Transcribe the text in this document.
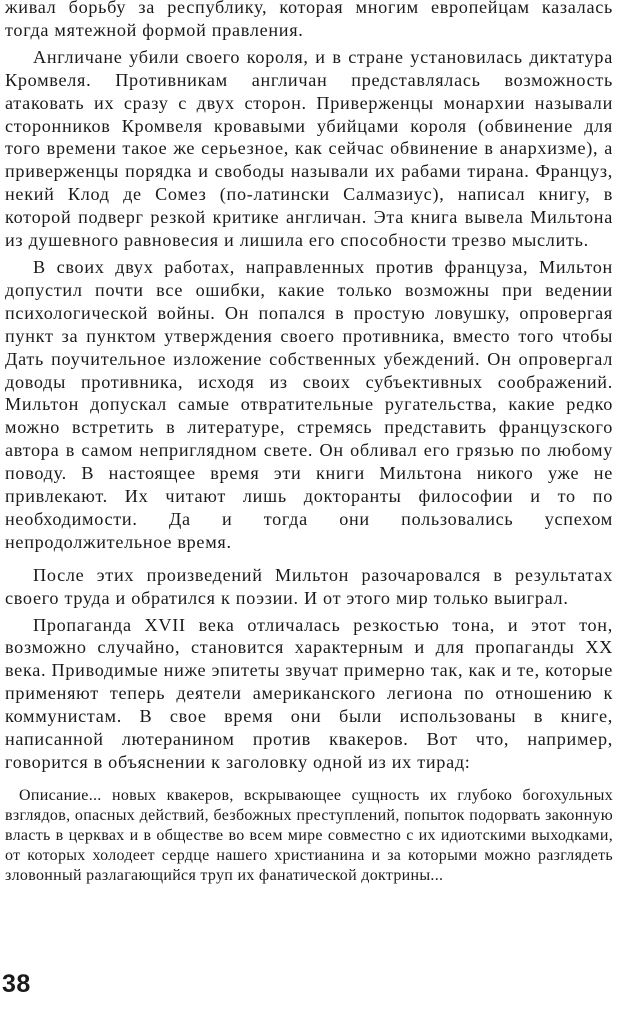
живал борьбу за республику, которая многим европейцам казалась тогда мятежной формой правления.

Англичане убили своего короля, и в стране установилась диктатура Кромвеля. Противникам англичан представлялась возможность атаковать их сразу с двух сторон. Приверженцы монархии называли сторонников Кромвеля кровавыми убийцами короля (обвинение для того времени такое же серьезное, как сейчас обвинение в анархизме), а приверженцы порядка и свободы называли их рабами тирана. Француз, некий Клод де Сомез (по-латински Салмазиус), написал книгу, в которой подверг резкой критике англичан. Эта книга вывела Мильтона из душевного равновесия и лишила его способности трезво мыслить.

В своих двух работах, направленных против француза, Мильтон допустил почти все ошибки, какие только возможны при ведении психологической войны. Он попался в простую ловушку, опровергая пункт за пунктом утверждения своего противника, вместо того чтобы Дать поучительное изложение собственных убеждений. Он опровергал доводы противника, исходя из своих субъективных соображений. Мильтон допускал самые отвратительные ругательства, какие редко можно встретить в литературе, стремясь представить французского автора в самом неприглядном свете. Он обливал его грязью по любому поводу. В настоящее время эти книги Мильтона никого уже не привлекают. Их читают лишь докторанты философии и то по необходимости. Да и тогда они пользовались успехом непродолжительное время.

После этих произведений Мильтон разочаровался в результатах своего труда и обратился к поэзии. И от этого мир только выиграл.

Пропаганда XVII века отличалась резкостью тона, и этот тон, возможно случайно, становится характерным и для пропаганды XX века. Приводимые ниже эпитеты звучат примерно так, как и те, которые применяют теперь деятели американского легиона по отношению к коммунистам. В свое время они были использованы в книге, написанной лютеранином против квакеров. Вот что, например, говорится в объяснении к заголовку одной из их тирад:

Описание... новых квакеров, вскрывающее сущность их глубоко богохульных взглядов, опасных действий, безбожных преступлений, попыток подорвать законную власть в церквах и в обществе во всем мире совместно с их идиотскими выходками, от которых холодеет сердце нашего христианина и за которыми можно разглядеть зловонный разлагающийся труп их фанатической доктрины...

38
